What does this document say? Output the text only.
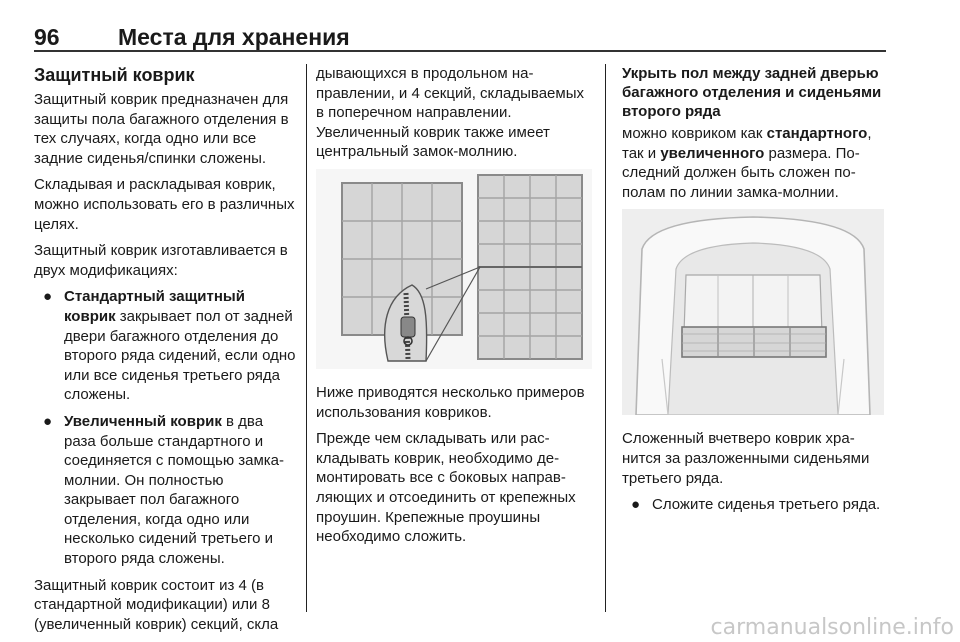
96	Места для хранения
Защитный коврик

Защитный коврик предназначен для защиты пола багажного отделения в тех случаях, когда одно или все задние сиденья/спинки сложены.

Складывая и раскладывая коврик, можно использовать его в различных целях.

Защитный коврик изготавливается в двух модификациях:

● Стандартный защитный коврик закрывает пол от задней двери багажного отделения до второго ряда сидений, если одно или все сиденья третьего ряда сложены.
● Увеличенный коврик в два раза больше стандартного и соединяется с помощью замка-молнии. Он полностью закрывает пол багажного отделения, когда одно или несколько сидений третьего и второго ряда сложены.

Защитный коврик состоит из 4 (в стандартной модификации) или 8 (увеличенный коврик) секций, скла

дывающихся в продольном направлении, и 4 секций, складываемых в поперечном направлении. Увеличенный коврик также имеет центральный замок-молнию.

Ниже приводятся несколько примеров использования ковриков.

Прежде чем складывать или раскладывать коврик, необходимо демонтировать все с боковых направляющих и отсоединить от крепежных проушин. Крепежные проушины необходимо сложить.

Укрыть пол между задней дверью багажного отделения и сиденьями второго ряда

можно ковриком как стандартного, так и увеличенного размера. Последний должен быть сложен пополам по линии замка-молнии.

Сложенный вчетверо коврик хранится за разложенными сиденьями третьего ряда.

● Сложите сиденья третьего ряда.
carmanualsonline.info
